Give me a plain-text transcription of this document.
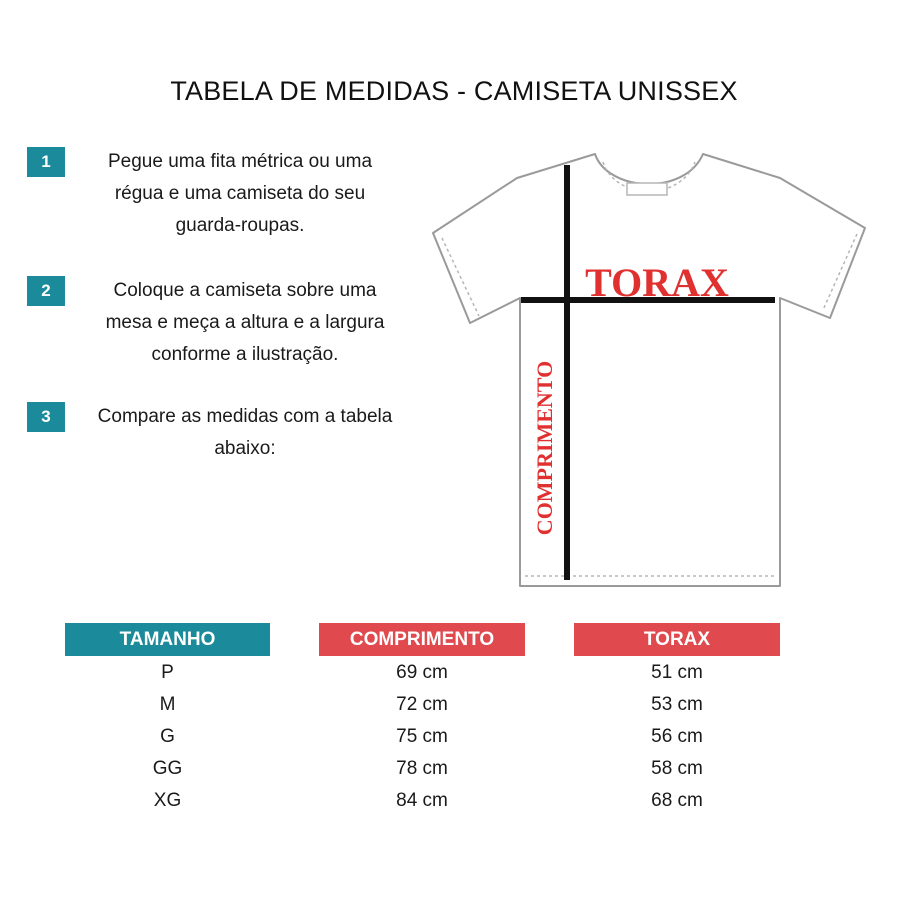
TABELA DE MEDIDAS - CAMISETA UNISSEX
1	Pegue uma fita métrica ou uma
régua e uma camiseta do seu
guarda-roupas.
2	Coloque a camiseta sobre uma
mesa e meça a altura e a largura
conforme a ilustração.
3	Compare as medidas com a tabela
abaixo:
TORAX
COMPRIMENTO
TAMANHO	COMPRIMENTO	TORAX
P	69 cm	51 cm
M	72 cm	53 cm
G	75 cm	56 cm
GG	78 cm	58 cm
XG	84 cm	68 cm
